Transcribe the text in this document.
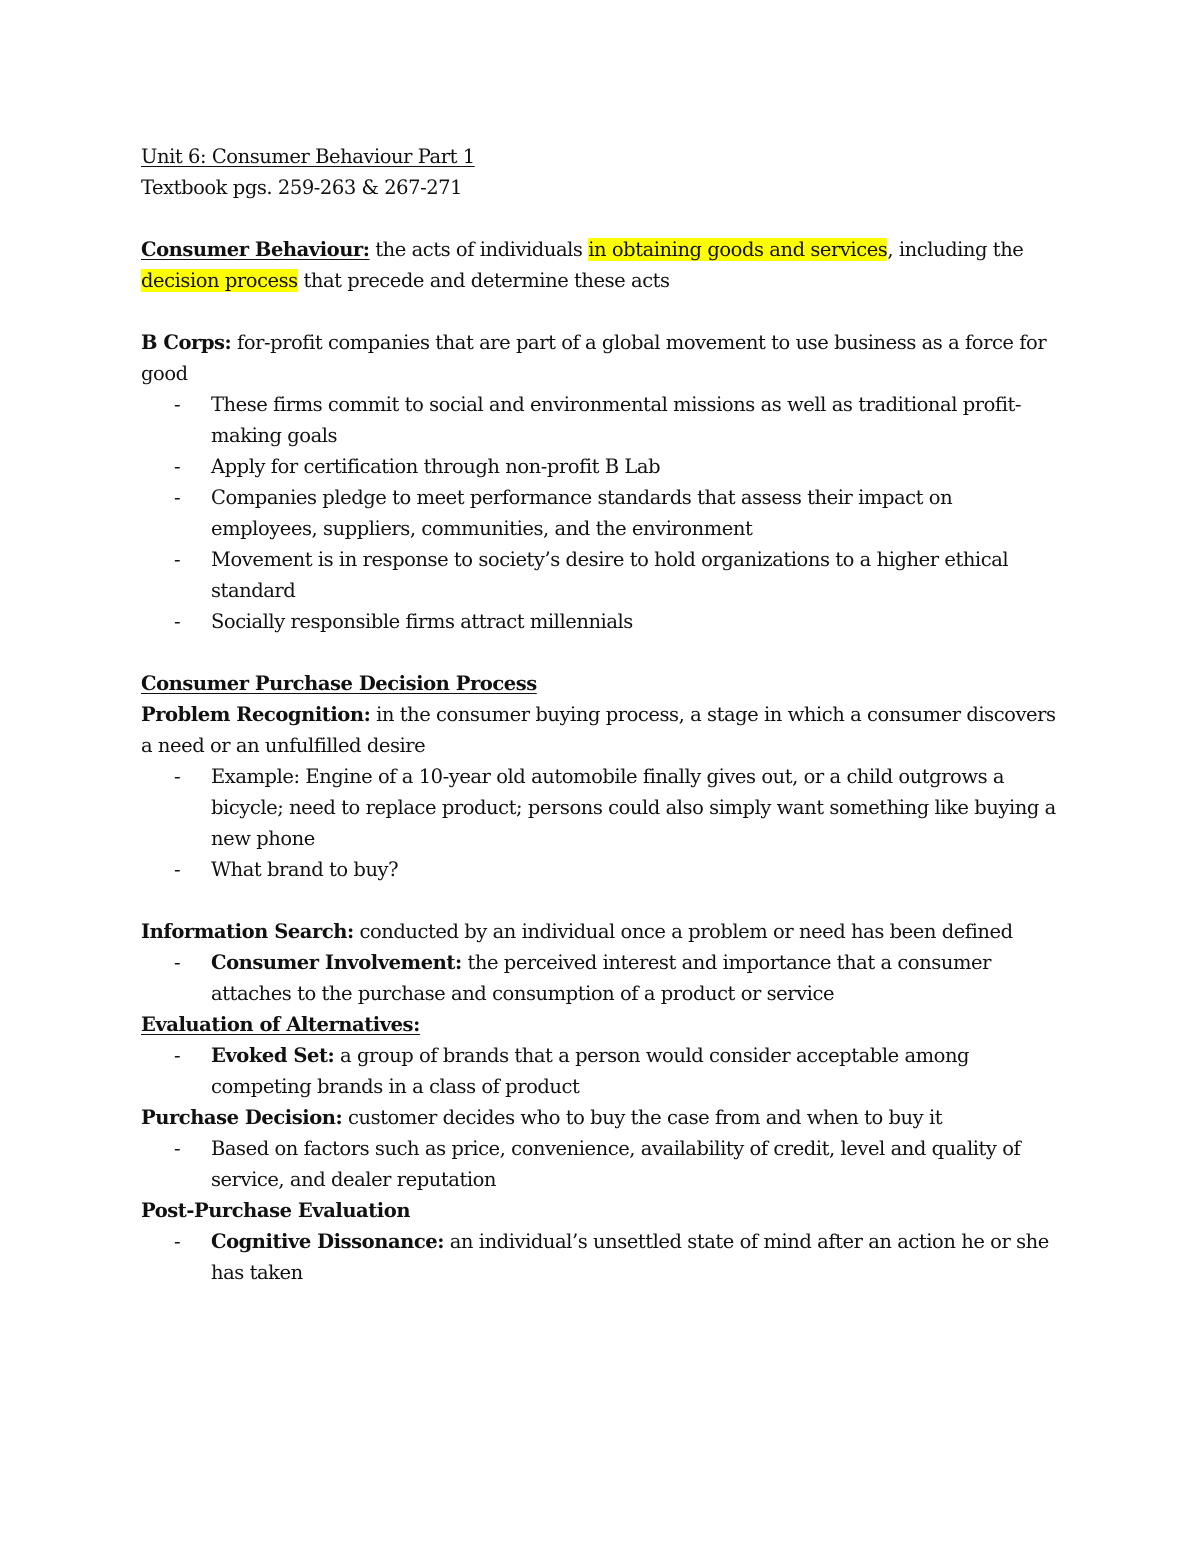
Unit 6: Consumer Behaviour Part 1

Textbook pgs. 259-263 & 267-271

Consumer Behaviour: the acts of individuals in obtaining goods and services, including the decision process that precede and determine these acts

B Corps: for-profit companies that are part of a global movement to use business as a force for good

- These firms commit to social and environmental missions as well as traditional profit-making goals
- Apply for certification through non-profit B Lab
- Companies pledge to meet performance standards that assess their impact on employees, suppliers, communities, and the environment
- Movement is in response to society’s desire to hold organizations to a higher ethical standard
- Socially responsible firms attract millennials

Consumer Purchase Decision Process

Problem Recognition: in the consumer buying process, a stage in which a consumer discovers a need or an unfulfilled desire

- Example: Engine of a 10-year old automobile finally gives out, or a child outgrows a bicycle; need to replace product; persons could also simply want something like buying a new phone
- What brand to buy?

Information Search: conducted by an individual once a problem or need has been defined

- Consumer Involvement: the perceived interest and importance that a consumer attaches to the purchase and consumption of a product or service

Evaluation of Alternatives:

- Evoked Set: a group of brands that a person would consider acceptable among competing brands in a class of product

Purchase Decision: customer decides who to buy the case from and when to buy it

- Based on factors such as price, convenience, availability of credit, level and quality of service, and dealer reputation

Post-Purchase Evaluation

- Cognitive Dissonance: an individual’s unsettled state of mind after an action he or she has taken
